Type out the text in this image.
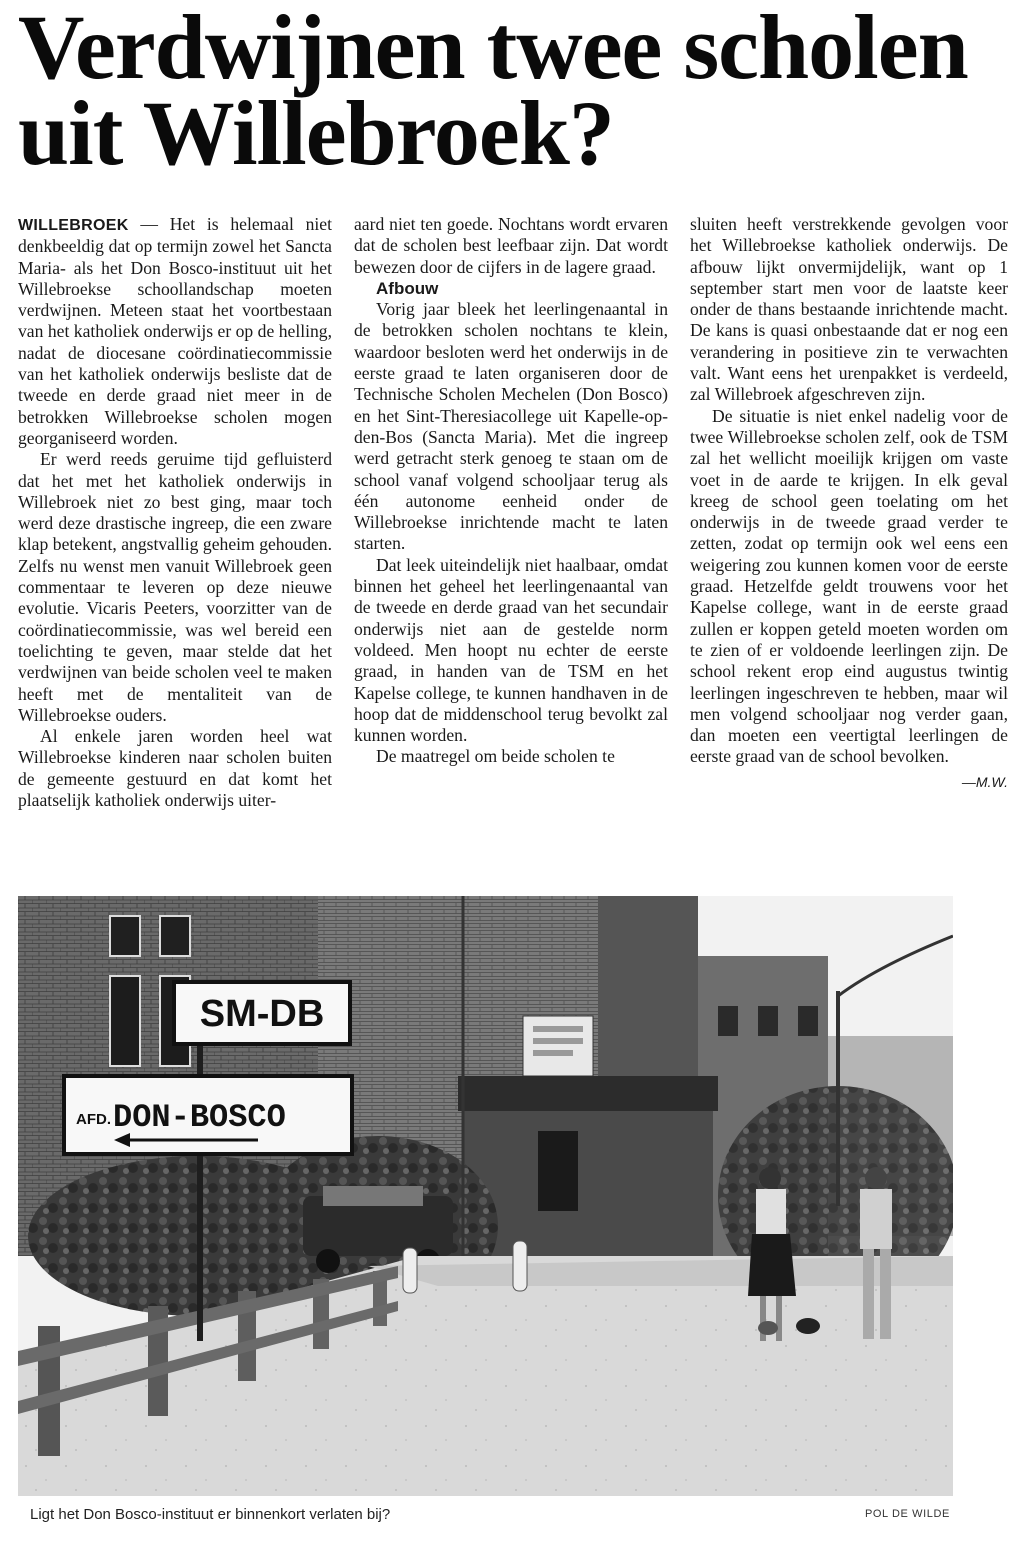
Verdwijnen twee scholen
uit Willebroek?

WILLEBROEK — Het is helemaal niet denkbeeldig dat op termijn zowel het Sancta Maria- als het Don Bosco-instituut uit het Willebroekse schoollandschap moeten verdwijnen. Meteen staat het voortbestaan van het katholiek onderwijs er op de helling, nadat de diocesane coördinatiecommissie van het katholiek onderwijs besliste dat de tweede en derde graad niet meer in de betrokken Willebroekse scholen mogen georganiseerd worden.

Er werd reeds geruime tijd gefluisterd dat het met het katholiek onderwijs in Willebroek niet zo best ging, maar toch werd deze drastische ingreep, die een zware klap betekent, angstvallig geheim gehouden. Zelfs nu wenst men vanuit Willebroek geen commentaar te leveren op deze nieuwe evolutie. Vicaris Peeters, voorzitter van de coördinatiecommissie, was wel bereid een toelichting te geven, maar stelde dat het verdwijnen van beide scholen veel te maken heeft met de mentaliteit van de Willebroekse ouders.

Al enkele jaren worden heel wat Willebroekse kinderen naar scholen buiten de gemeente gestuurd en dat komt het plaatselijk katholiek onderwijs uiter-

aard niet ten goede. Nochtans wordt ervaren dat de scholen best leefbaar zijn. Dat wordt bewezen door de cijfers in de lagere graad.

Afbouw

Vorig jaar bleek het leerlingenaantal in de betrokken scholen nochtans te klein, waardoor besloten werd het onderwijs in de eerste graad te laten organiseren door de Technische Scholen Mechelen (Don Bosco) en het Sint-Theresiacollege uit Kapelle-op-den-Bos (Sancta Maria). Met die ingreep werd getracht sterk genoeg te staan om de school vanaf volgend schooljaar terug als één autonome eenheid onder de Willebroekse inrichtende macht te laten starten.

Dat leek uiteindelijk niet haalbaar, omdat binnen het geheel het leerlingenaantal van de tweede en derde graad van het secundair onderwijs niet aan de gestelde norm voldeed. Men hoopt nu echter de eerste graad, in handen van de TSM en het Kapelse college, te kunnen handhaven in de hoop dat de middenschool terug bevolkt zal kunnen worden.

De maatregel om beide scholen te

sluiten heeft verstrekkende gevolgen voor het Willebroekse katholiek onderwijs. De afbouw lijkt onvermijdelijk, want op 1 september start men voor de laatste keer onder de thans bestaande inrichtende macht. De kans is quasi onbestaande dat er nog een verandering in positieve zin te verwachten valt. Want eens het urenpakket is verdeeld, zal Willebroek afgeschreven zijn.

De situatie is niet enkel nadelig voor de twee Willebroekse scholen zelf, ook de TSM zal het wellicht moeilijk krijgen om vaste voet in de aarde te krijgen. In elk geval kreeg de school geen toelating om het onderwijs in de tweede graad verder te zetten, zodat op termijn ook wel eens een weigering zou kunnen komen voor de eerste graad. Hetzelfde geldt trouwens voor het Kapelse college, want in de eerste graad zullen er koppen geteld moeten worden om te zien of er voldoende leerlingen zijn. De school rekent erop eind augustus twintig leerlingen ingeschreven te hebben, maar wil men volgend schooljaar nog verder gaan, dan moeten een veertigtal leerlingen de eerste graad van de school bevolken.

—M.W.
SM-DB
AFD. DON-BOSCO
Ligt het Don Bosco-instituut er binnenkort verlaten bij?	POL DE WILDE
